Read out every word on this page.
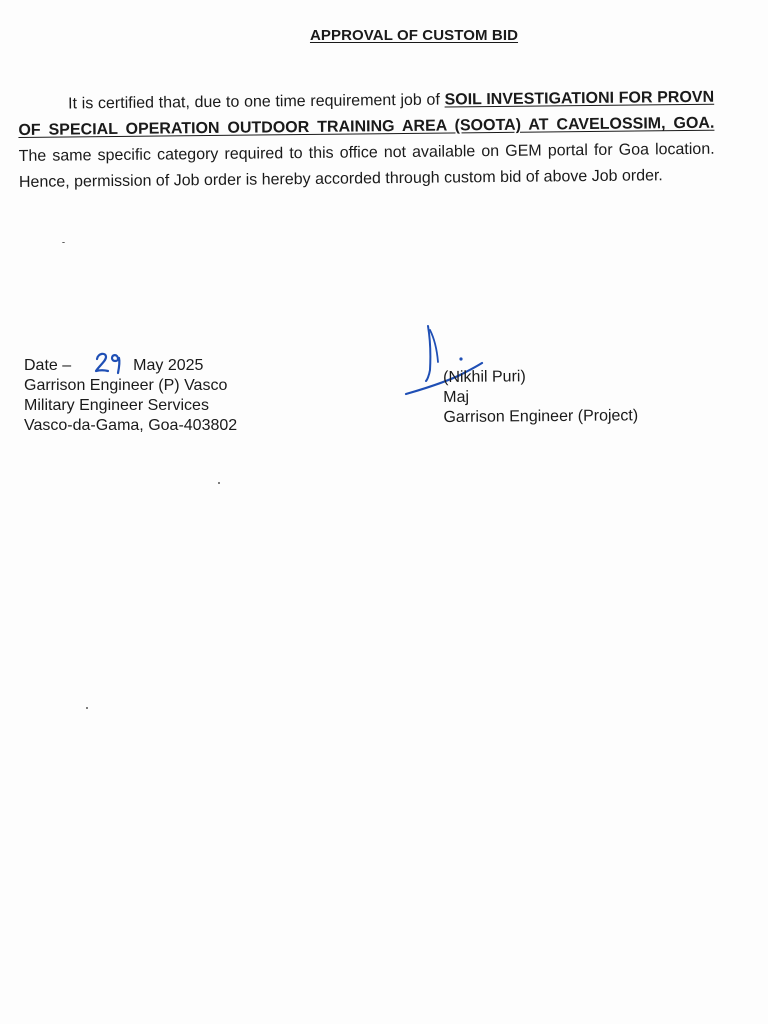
APPROVAL OF CUSTOM BID
It is certified that, due to one time requirement job of SOIL INVESTIGATIONI FOR PROVN OF SPECIAL OPERATION OUTDOOR TRAINING AREA (SOOTA) AT CAVELOSSIM, GOA. The same specific category required to this office not available on GEM portal for Goa location. Hence, permission of Job order is hereby accorded through custom bid of above Job order.
Date –	May 2025
Garrison Engineer (P) Vasco
Military Engineer Services
Vasco-da-Gama, Goa-403802
(Nikhil Puri)
Maj
Garrison Engineer (Project)
